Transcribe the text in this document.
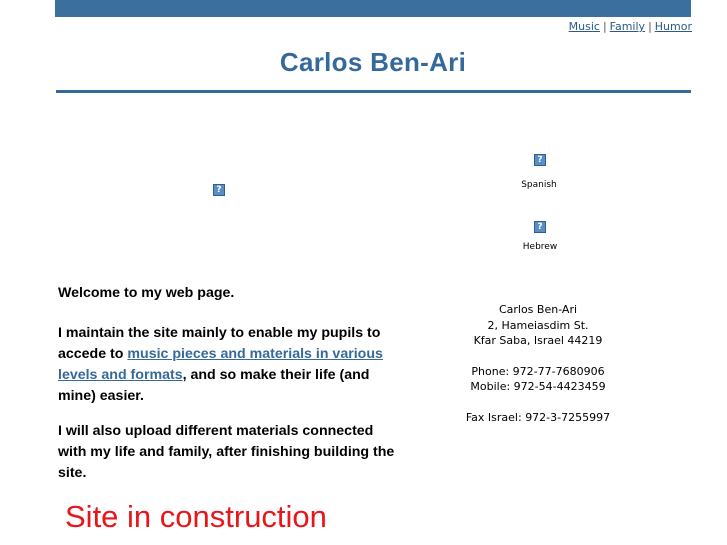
Music | Family | Humor
Carlos Ben-Ari
?
?
Spanish
?
Hebrew

Welcome to my web page.

I maintain the site mainly to enable my pupils to accede to music pieces and materials in various levels and formats, and so make their life (and mine) easier.

I will also upload different materials connected with my life and family, after finishing building the site.

Site in construction
Carlos Ben-Ari
2, Hameiasdim St.
Kfar Saba, Israel 44219
Phone: 972-77-7680906
Mobile: 972-54-4423459
Fax Israel: 972-3-7255997
